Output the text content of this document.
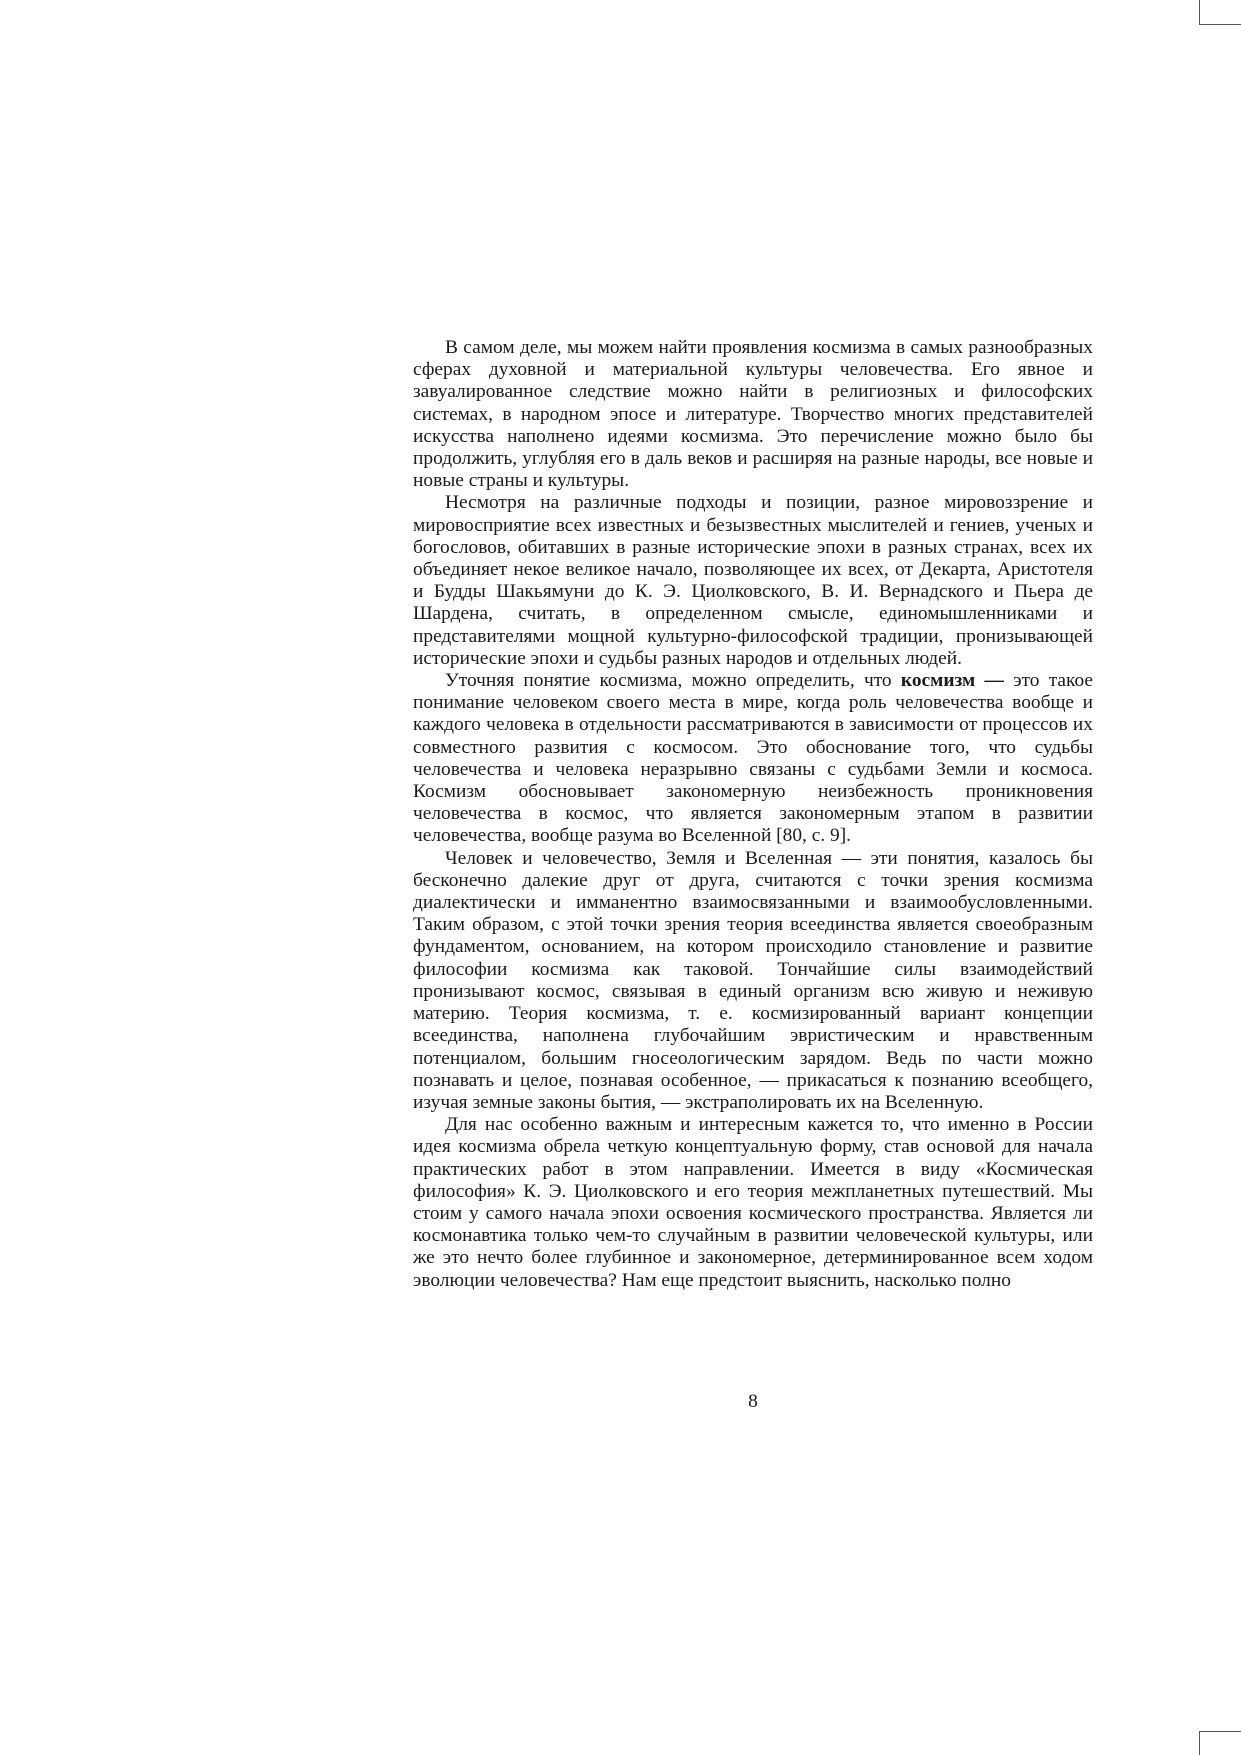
В самом деле, мы можем найти проявления космизма в самых разнообразных сферах духовной и материальной культуры человечества. Его явное и завуалированное следствие можно найти в религиозных и философских системах, в народном эпосе и литературе. Творчество многих представителей искусства наполнено идеями космизма. Это перечисление можно было бы продолжить, углубляя его в даль веков и расширяя на разные народы, все новые и новые страны и культуры.

Несмотря на различные подходы и позиции, разное мировоззрение и мировосприятие всех известных и безызвестных мыслителей и гениев, ученых и богословов, обитавших в разные исторические эпохи в разных странах, всех их объединяет некое великое начало, позволяющее их всех, от Декарта, Аристотеля и Будды Шакьямуни до К. Э. Циолковского, В. И. Вернадского и Пьера де Шардена, считать, в определенном смысле, единомышленниками и представителями мощной культурно-философской традиции, пронизывающей исторические эпохи и судьбы разных народов и отдельных людей.

Уточняя понятие космизма, можно определить, что космизм — это такое понимание человеком своего места в мире, когда роль человечества вообще и каждого человека в отдельности рассматриваются в зависимости от процессов их совместного развития с космосом. Это обоснование того, что судьбы человечества и человека неразрывно связаны с судьбами Земли и космоса. Космизм обосновывает закономерную неизбежность проникновения человечества в космос, что является закономерным этапом в развитии человечества, вообще разума во Вселенной [80, с. 9].

Человек и человечество, Земля и Вселенная — эти понятия, казалось бы бесконечно далекие друг от друга, считаются с точки зрения космизма диалектически и имманентно взаимосвязанными и взаимообусловленными. Таким образом, с этой точки зрения теория всеединства является своеобразным фундаментом, основанием, на котором происходило становление и развитие философии космизма как таковой. Тончайшие силы взаимодействий пронизывают космос, связывая в единый организм всю живую и неживую материю. Теория космизма, т. е. космизированный вариант концепции всеединства, наполнена глубочайшим эвристическим и нравственным потенциалом, большим гносеологическим зарядом. Ведь по части можно познавать и целое, познавая особенное, — прикасаться к познанию всеобщего, изучая земные законы бытия, — экстраполировать их на Вселенную.

Для нас особенно важным и интересным кажется то, что именно в России идея космизма обрела четкую концептуальную форму, став основой для начала практических работ в этом направлении. Имеется в виду «Космическая философия» К. Э. Циолковского и его теория межпланетных путешествий. Мы стоим у самого начала эпохи освоения космического пространства. Является ли космонавтика только чем-то случайным в развитии человеческой культуры, или же это нечто более глубинное и закономерное, детерминированное всем ходом эволюции человечества? Нам еще предстоит выяснить, насколько полно

8
